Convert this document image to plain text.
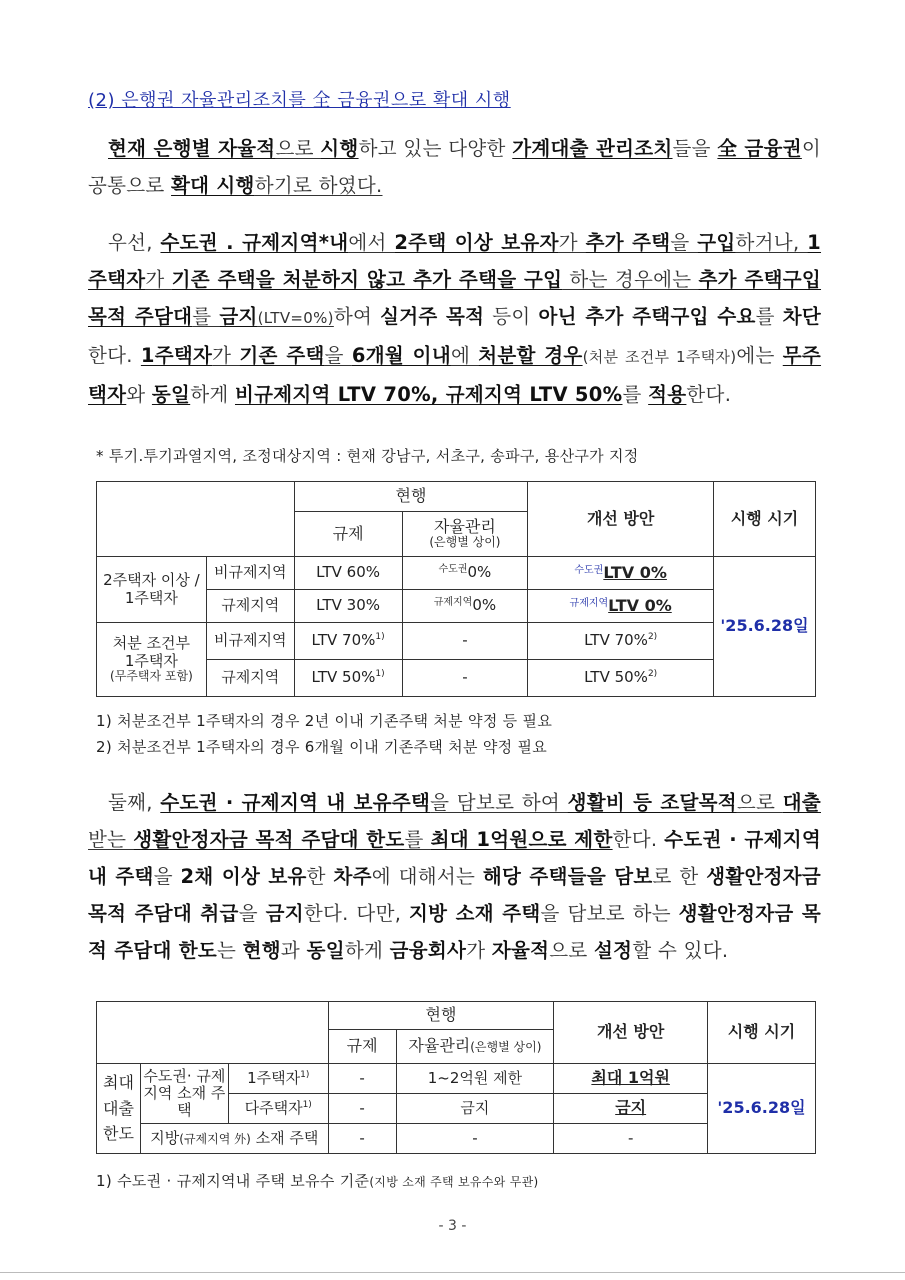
(2) 은행권 자율관리조치를 全 금융권으로 확대 시행
현재 은행별 자율적으로 시행하고 있는 다양한 가계대출 관리조치들을 全 금융권이 공통으로 확대 시행하기로 하였다.
우선, 수도권 . 규제지역*내에서 2주택 이상 보유자가 추가 주택을 구입하거나, 1주택자가 기존 주택을 처분하지 않고 추가 주택을 구입 하는 경우에는 추가 주택구입 목적 주담대를 금지(LTV=0%)하여 실거주 목적 등이 아닌 추가 주택구입 수요를 차단한다. 1주택자가 기존 주택을 6개월 이내에 처분할 경우(처분 조건부 1주택자)에는 무주택자와 동일하게 비규제지역 LTV 70%, 규제지역 LTV 50%를 적용한다.
* 투기.투기과열지역, 조정대상지역 : 현재 강남구, 서초구, 송파구, 용산구가 지정
		현행		개선 방안	시행 시기
		규제	자율관리
(은행별 상이)		

2주택자 이상 / 1주택자	비규제지역	LTV 60%	$^{수도권}$0%	$^{수도권}$LTV 0%	'25.6.28일
	규제지역	LTV 30%	$^{규제지역}$0%	$^{규제지역}$LTV 0%	

처분 조건부
1주택자
(무주택자 포함)	비규제지역	LTV 70%$^{1)}$	-	LTV 70%$^{2)}$
	규제지역	LTV 50%$^{1)}$	-	LTV 50%$^{2)}$
1) 처분조건부 1주택자의 경우 2년 이내 기존주택 처분 약정 등 필요
2) 처분조건부 1주택자의 경우 6개월 이내 기존주택 처분 약정 필요
둘째, 수도권 · 규제지역 내 보유주택을 담보로 하여 생활비 등 조달목적으로 대출받는 생활안정자금 목적 주담대 한도를 최대 1억원으로 제한한다. 수도권 · 규제지역 내 주택을 2채 이상 보유한 차주에 대해서는 해당 주택들을 담보로 한 생활안정자금 목적 주담대 취급을 금지한다. 다만, 지방 소재 주택을 담보로 하는 생활안정자금 목적 주담대 한도는 현행과 동일하게 금융회사가 자율적으로 설정할 수 있다.
			현행		개선 방안	시행 시기
			규제	자율관리(은행별 상이)		
최대 대출 한도	수도권· 규제지역 소재 주택	1주택자$^{1)}$	-	1~2억원 제한	최대 1억원	'25.6.28일
		다주택자$^{1)}$	-	금지	금지	
	지방(규제지역 外) 소재 주택		-	-	-	
1) 수도권 · 규제지역내 주택 보유수 기준(지방 소재 주택 보유수와 무관)
- 3 -
